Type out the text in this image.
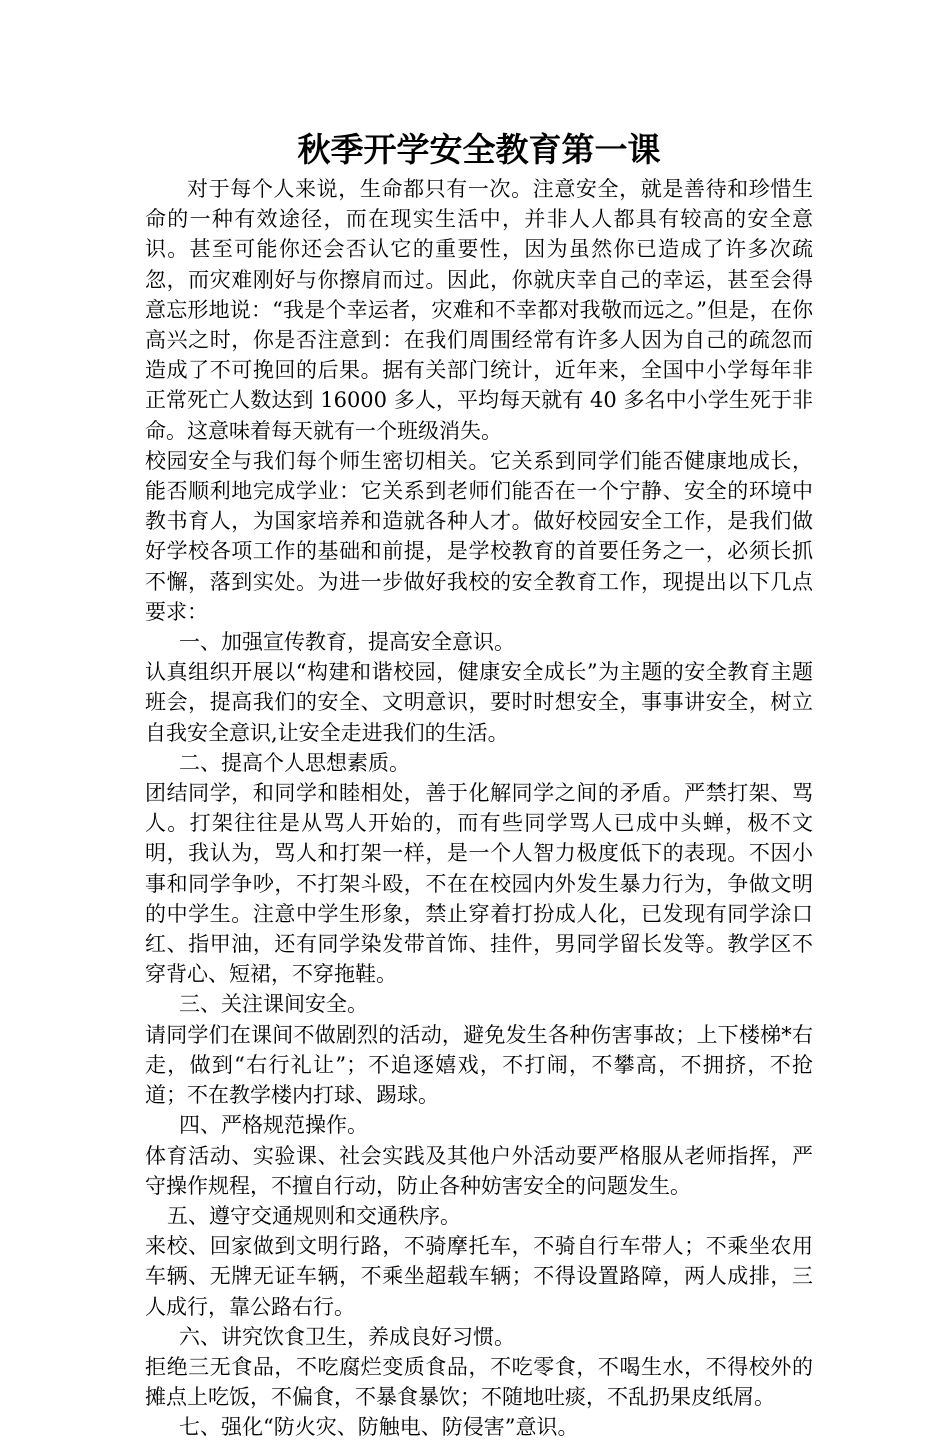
秋季开学安全教育第一课

对于每个人来说，生命都只有一次。注意安全，就是善待和珍惜生命的一种有效途径，而在现实生活中，并非人人都具有较高的安全意识。甚至可能你还会否认它的重要性，因为虽然你已造成了许多次疏忽，而灾难刚好与你擦肩而过。因此，你就庆幸自己的幸运，甚至会得意忘形地说：“我是个幸运者，灾难和不幸都对我敬而远之。”但是，在你高兴之时，你是否注意到：在我们周围经常有许多人因为自己的疏忽而造成了不可挽回的后果。据有关部门统计，近年来，全国中小学每年非正常死亡人数达到 16000 多人，平均每天就有 40 多名中小学生死于非命。这意味着每天就有一个班级消失。

校园安全与我们每个师生密切相关。它关系到同学们能否健康地成长，能否顺利地完成学业：它关系到老师们能否在一个宁静、安全的环境中教书育人，为国家培养和造就各种人才。做好校园安全工作，是我们做好学校各项工作的基础和前提，是学校教育的首要任务之一，必须长抓不懈，落到实处。为进一步做好我校的安全教育工作，现提出以下几点要求：

一、加强宣传教育，提高安全意识。

认真组织开展以“构建和谐校园，健康安全成长”为主题的安全教育主题班会，提高我们的安全、文明意识，要时时想安全，事事讲安全，树立自我安全意识,让安全走进我们的生活。

二、提高个人思想素质。

团结同学，和同学和睦相处，善于化解同学之间的矛盾。严禁打架、骂人。打架往往是从骂人开始的，而有些同学骂人已成中头蝉，极不文明，我认为，骂人和打架一样，是一个人智力极度低下的表现。不因小事和同学争吵，不打架斗殴，不在在校园内外发生暴力行为，争做文明的中学生。注意中学生形象，禁止穿着打扮成人化，已发现有同学涂口红、指甲油，还有同学染发带首饰、挂件，男同学留长发等。教学区不穿背心、短裙，不穿拖鞋。

三、关注课间安全。

请同学们在课间不做剧烈的活动，避免发生各种伤害事故；上下楼梯*右走，做到“右行礼让”；不追逐嬉戏，不打闹，不攀高，不拥挤，不抢道；不在教学楼内打球、踢球。

四、严格规范操作。

体育活动、实验课、社会实践及其他户外活动要严格服从老师指挥，严守操作规程，不擅自行动，防止各种妨害安全的问题发生。

五、遵守交通规则和交通秩序。

来校、回家做到文明行路，不骑摩托车，不骑自行车带人；不乘坐农用车辆、无牌无证车辆，不乘坐超载车辆；不得设置路障，两人成排，三人成行，靠公路右行。

六、讲究饮食卫生，养成良好习惯。

拒绝三无食品，不吃腐烂变质食品，不吃零食，不喝生水，不得校外的摊点上吃饭，不偏食，不暴食暴饮；不随地吐痰，不乱扔果皮纸屑。

七、强化“防火灾、防触电、防侵害”意识。
